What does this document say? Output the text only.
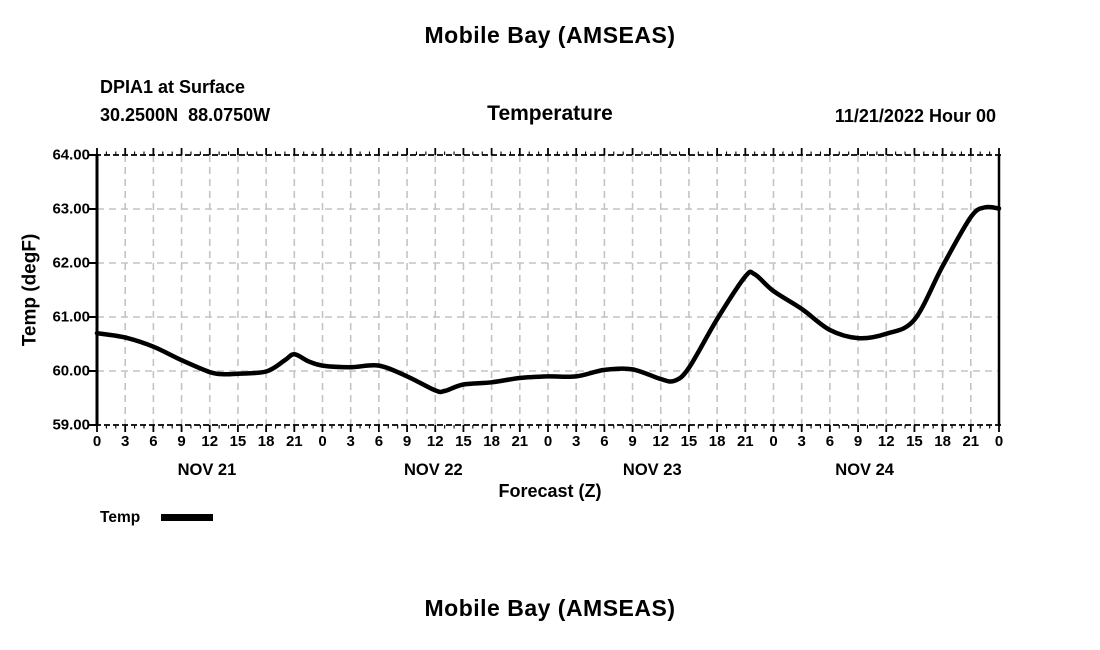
Mobile Bay (AMSEAS)
DPIA1 at Surface
30.2500N  88.0750W	Temperature	11/21/2022 Hour 00
Temp (degF)
64.00
63.00
62.00
61.00
60.00
59.00
0 3 6 9 12 15 18 21 0 3 6 9 12 15 18 21 0 3 6 9 12 15 18 21 0 3 6 9 12 15 18 21 0
NOV 21	NOV 22	NOV 23	NOV 24
Forecast (Z)
Temp
Mobile Bay (AMSEAS)
